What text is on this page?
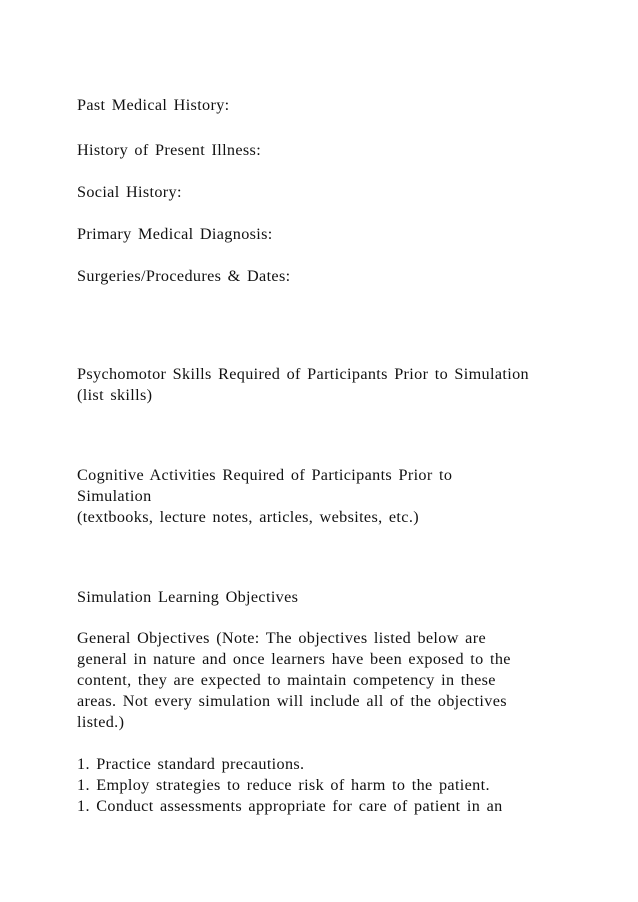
Past Medical History:

History of Present Illness:

Social History:

Primary Medical Diagnosis:

Surgeries/Procedures & Dates:

Psychomotor Skills Required of Participants Prior to Simulation

(list skills)

Cognitive Activities Required of Participants Prior to

Simulation

(textbooks, lecture notes, articles, websites, etc.)

Simulation Learning Objectives

General Objectives (Note: The objectives listed below are

general in nature and once learners have been exposed to the

content, they are expected to maintain competency in these

areas. Not every simulation will include all of the objectives

listed.)

1. Practice standard precautions.

1. Employ strategies to reduce risk of harm to the patient.

1. Conduct assessments appropriate for care of patient in an
